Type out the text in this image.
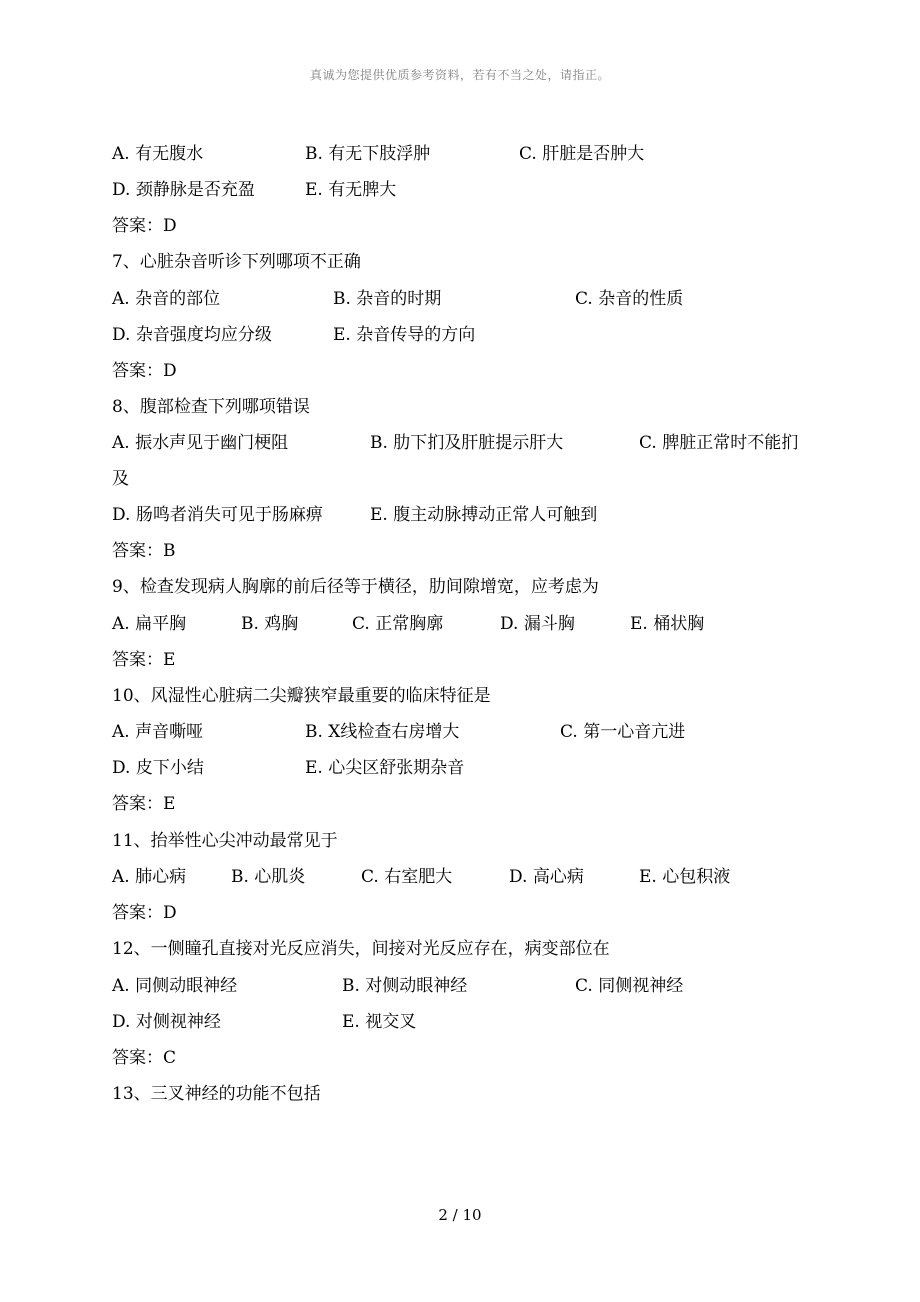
真诚为您提供优质参考资料，若有不当之处，请指正。
A. 有无腹水	B. 有无下肢浮肿	C. 肝脏是否肿大
D. 颈静脉是否充盈	E. 有无脾大
答案：D
7、心脏杂音听诊下列哪项不正确
A. 杂音的部位	B. 杂音的时期	C. 杂音的性质
D. 杂音强度均应分级	E. 杂音传导的方向
答案：D
8、腹部检查下列哪项错误
A. 振水声见于幽门梗阻	B. 肋下扪及肝脏提示肝大	C. 脾脏正常时不能扪
及
D. 肠鸣者消失可见于肠麻痹	E. 腹主动脉搏动正常人可触到
答案：B
9、检查发现病人胸廓的前后径等于横径，肋间隙增宽，应考虑为
A. 扁平胸	B. 鸡胸	C. 正常胸廓	D. 漏斗胸	E. 桶状胸
答案：E
10、风湿性心脏病二尖瓣狭窄最重要的临床特征是
A. 声音嘶哑	B. X线检查右房增大	C. 第一心音亢进
D. 皮下小结	E. 心尖区舒张期杂音
答案：E
11、抬举性心尖冲动最常见于
A. 肺心病	B. 心肌炎	C. 右室肥大	D. 高心病	E. 心包积液
答案：D
12、一侧瞳孔直接对光反应消失，间接对光反应存在，病变部位在
A. 同侧动眼神经	B. 对侧动眼神经	C. 同侧视神经
D. 对侧视神经	E. 视交叉
答案：C
13、三叉神经的功能不包括
2 / 10
